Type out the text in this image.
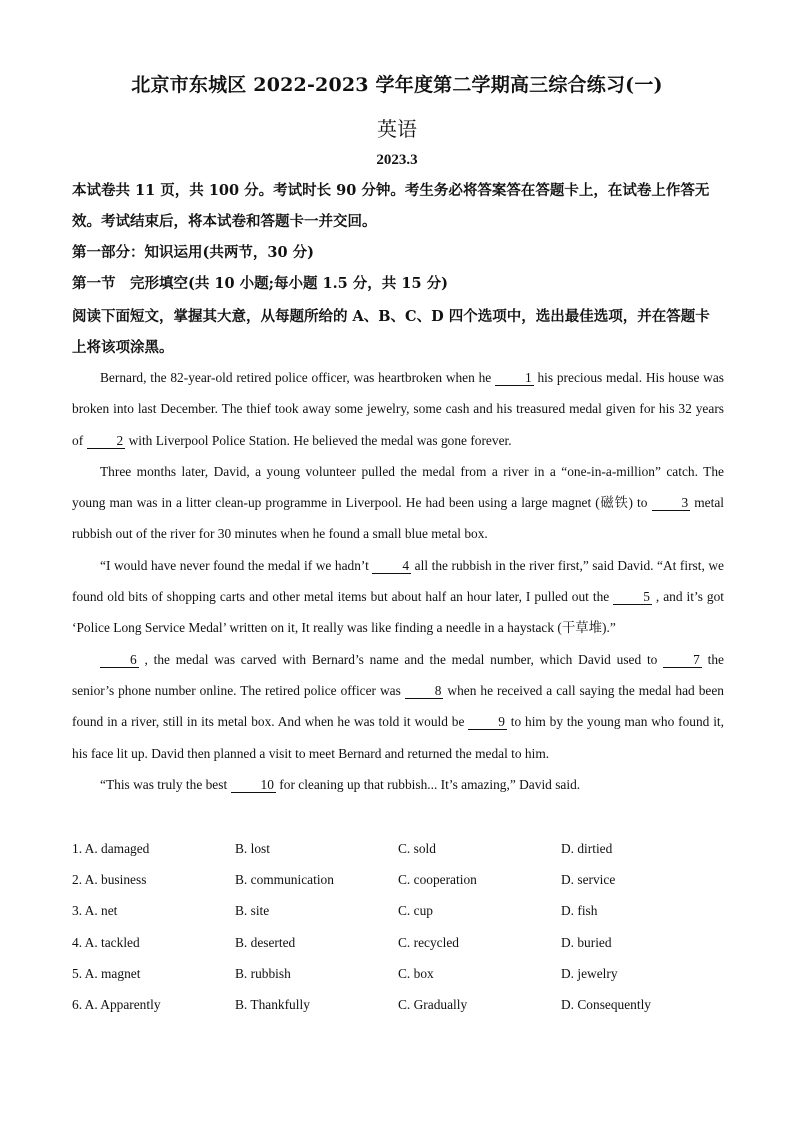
北京市东城区 2022-2023 学年度第二学期高三综合练习(一)
英语
2023.3
本试卷共 11 页，共 100 分。考试时长 90 分钟。考生务必将答案答在答题卡上，在试卷上作答无效。考试结束后，将本试卷和答题卡一并交回。
第一部分：知识运用(共两节，30 分)
第一节　完形填空(共 10 小题;每小题 1.5 分，共 15 分)
阅读下面短文，掌握其大意，从每题所给的 A、B、C、D 四个选项中，选出最佳选项，并在答题卡上将该项涂黑。

Bernard, the 82-year-old retired police officer, was heartbroken when he 1 his precious medal. His house was broken into last December. The thief took away some jewelry, some cash and his treasured medal given for his 32 years of 2 with Liverpool Police Station. He believed the medal was gone forever.

Three months later, David, a young volunteer pulled the medal from a river in a “one-in-a-million” catch. The young man was in a litter clean-up programme in Liverpool. He had been using a large magnet (磁铁) to 3 metal rubbish out of the river for 30 minutes when he found a small blue metal box.

“I would have never found the medal if we hadn’t 4 all the rubbish in the river first,” said David. “At first, we found old bits of shopping carts and other metal items but about half an hour later, I pulled out the 5 , and it’s got ‘Police Long Service Medal’ written on it, It really was like finding a needle in a haystack (干草堆).”

6 , the medal was carved with Bernard’s name and the medal number, which David used to 7 the senior’s phone number online. The retired police officer was 8 when he received a call saying the medal had been found in a river, still in its metal box. And when he was told it would be 9 to him by the young man who found it, his face lit up. David then planned a visit to meet Bernard and returned the medal to him.

“This was truly the best 10 for cleaning up that rubbish... It’s amazing,” David said.

1. A. damaged	B. lost	C. sold	D. dirtied
2. A. business	B. communication	C. cooperation	D. service
3. A. net	B. site	C. cup	D. fish
4. A. tackled	B. deserted	C. recycled	D. buried
5. A. magnet	B. rubbish	C. box	D. jewelry
6. A. Apparently	B. Thankfully	C. Gradually	D. Consequently
